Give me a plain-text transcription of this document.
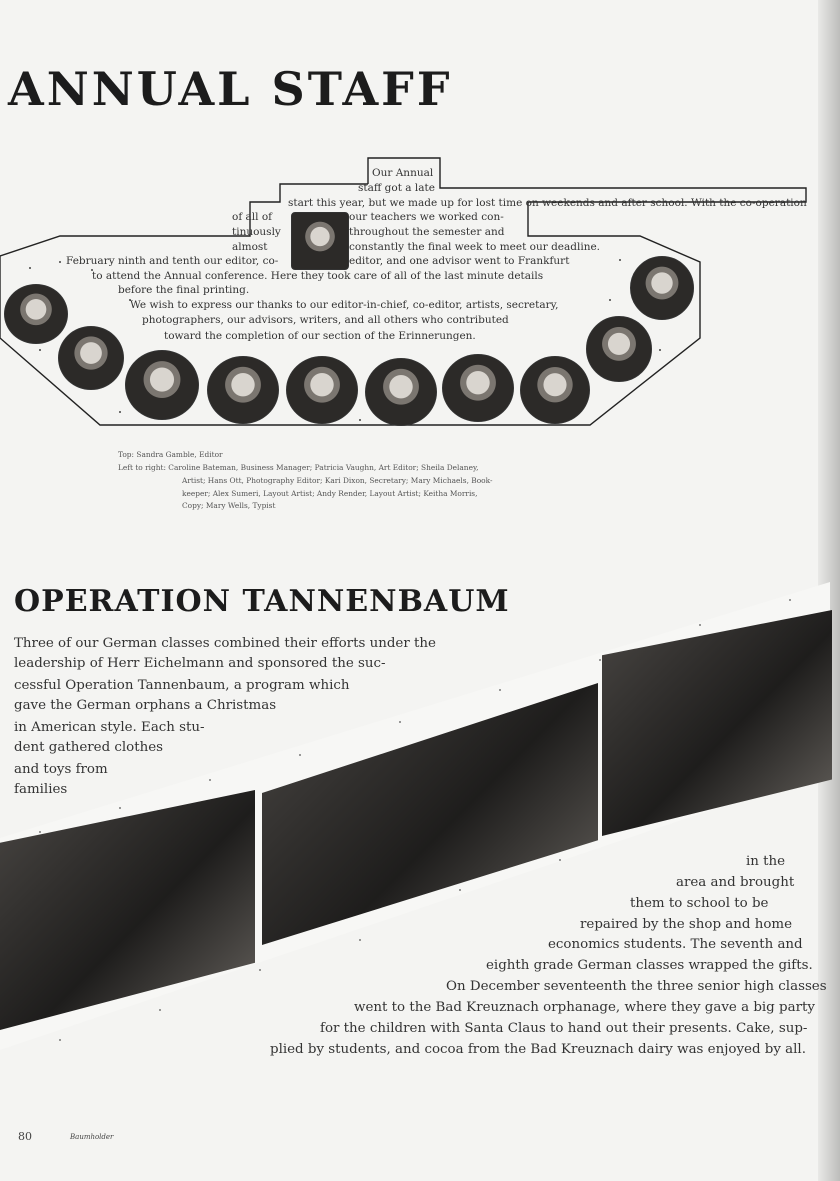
ANNUAL STAFF
Our Annual
staff got a late
start this year, but we made up for lost time on weekends and after school. With the co-operation
of all of	our teachers we worked con-
tinuously	throughout the semester and
almost	constantly the final week to meet our deadline.
February ninth and tenth our editor, co-	editor, and one advisor went to Frankfurt
to attend the Annual conference. Here they took care of all of the last minute details
before the final printing.
We wish to express our thanks to our editor-in-chief, co-editor, artists, secretary,
photographers, our advisors, writers, and all others who contributed
toward the completion of our section of the Erinnerungen.
Top: Sandra Gamble, Editor
Left to right: Caroline Bateman, Business Manager; Patricia Vaughn, Art Editor; Sheila Delaney,
Artist; Hans Ott, Photography Editor; Kari Dixon, Secretary; Mary Michaels, Book-
keeper; Alex Sumeri, Layout Artist; Andy Render, Layout Artist; Keitha Morris,
Copy; Mary Wells, Typist
OPERATION TANNENBAUM
Three of our German classes combined their efforts under the
leadership of Herr Eichelmann and sponsored the suc-
cessful Operation Tannenbaum, a program which
gave the German orphans a Christmas
in American style. Each stu-
dent gathered clothes
and toys from
families
in the
area and brought
them to school to be
repaired by the shop and home
economics students. The seventh and
eighth grade German classes wrapped the gifts.
On December seventeenth the three senior high classes
went to the Bad Kreuznach orphanage, where they gave a big party
for the children with Santa Claus to hand out their presents. Cake, sup-
plied by students, and cocoa from the Bad Kreuznach dairy was enjoyed by all.
80	Baumholder
